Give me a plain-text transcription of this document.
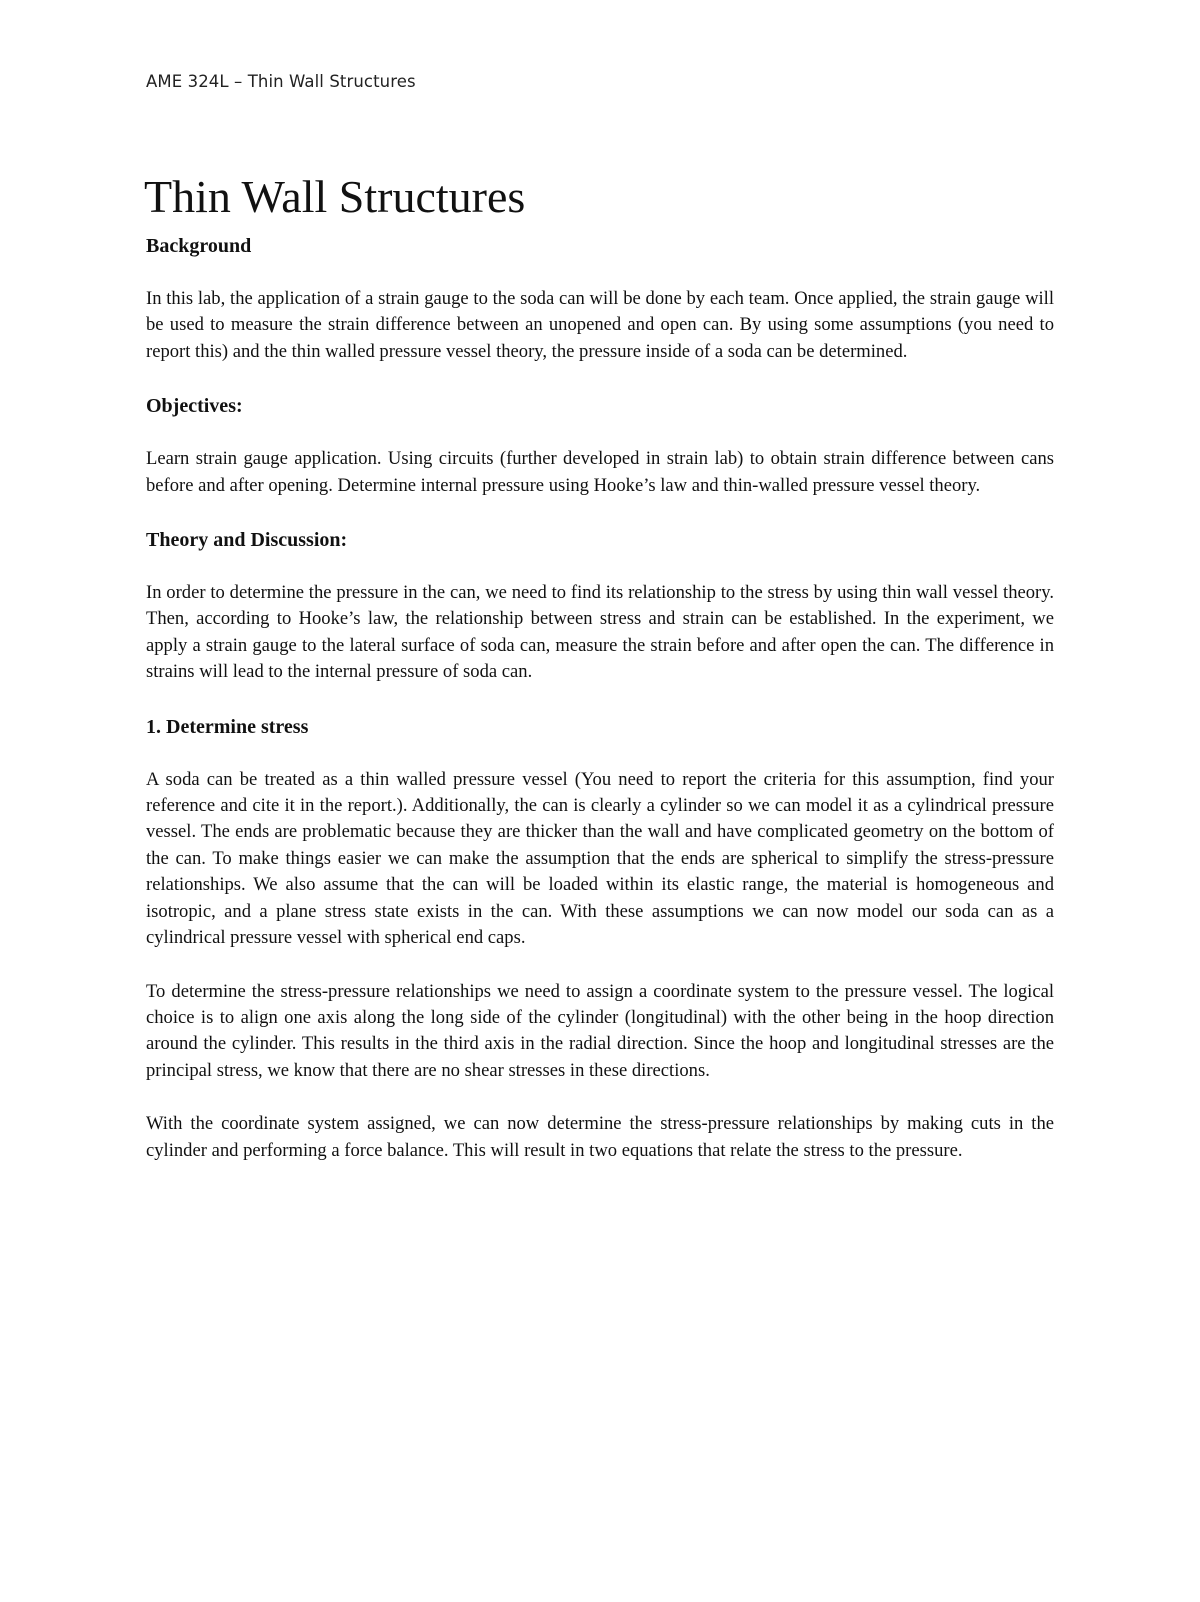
AME 324L – Thin Wall Structures
Thin Wall Structures
Background

In this lab, the application of a strain gauge to the soda can will be done by each team. Once applied, the strain gauge will be used to measure the strain difference between an unopened and open can. By using some assumptions (you need to report this) and the thin walled pressure vessel theory, the pressure inside of a soda can be determined.

Objectives:

Learn strain gauge application. Using circuits (further developed in strain lab) to obtain strain difference between cans before and after opening. Determine internal pressure using Hooke’s law and thin-walled pressure vessel theory.

Theory and Discussion:

In order to determine the pressure in the can, we need to find its relationship to the stress by using thin wall vessel theory. Then, according to Hooke’s law, the relationship between stress and strain can be established. In the experiment, we apply a strain gauge to the lateral surface of soda can, measure the strain before and after open the can. The difference in strains will lead to the internal pressure of soda can.

1. Determine stress

A soda can be treated as a thin walled pressure vessel (You need to report the criteria for this assumption, find your reference and cite it in the report.). Additionally, the can is clearly a cylinder so we can model it as a cylindrical pressure vessel. The ends are problematic because they are thicker than the wall and have complicated geometry on the bottom of the can. To make things easier we can make the assumption that the ends are spherical to simplify the stress-pressure relationships. We also assume that the can will be loaded within its elastic range, the material is homogeneous and isotropic, and a plane stress state exists in the can. With these assumptions we can now model our soda can as a cylindrical pressure vessel with spherical end caps.

To determine the stress-pressure relationships we need to assign a coordinate system to the pressure vessel. The logical choice is to align one axis along the long side of the cylinder (longitudinal) with the other being in the hoop direction around the cylinder. This results in the third axis in the radial direction. Since the hoop and longitudinal stresses are the principal stress, we know that there are no shear stresses in these directions.

With the coordinate system assigned, we can now determine the stress-pressure relationships by making cuts in the cylinder and performing a force balance. This will result in two equations that relate the stress to the pressure.
